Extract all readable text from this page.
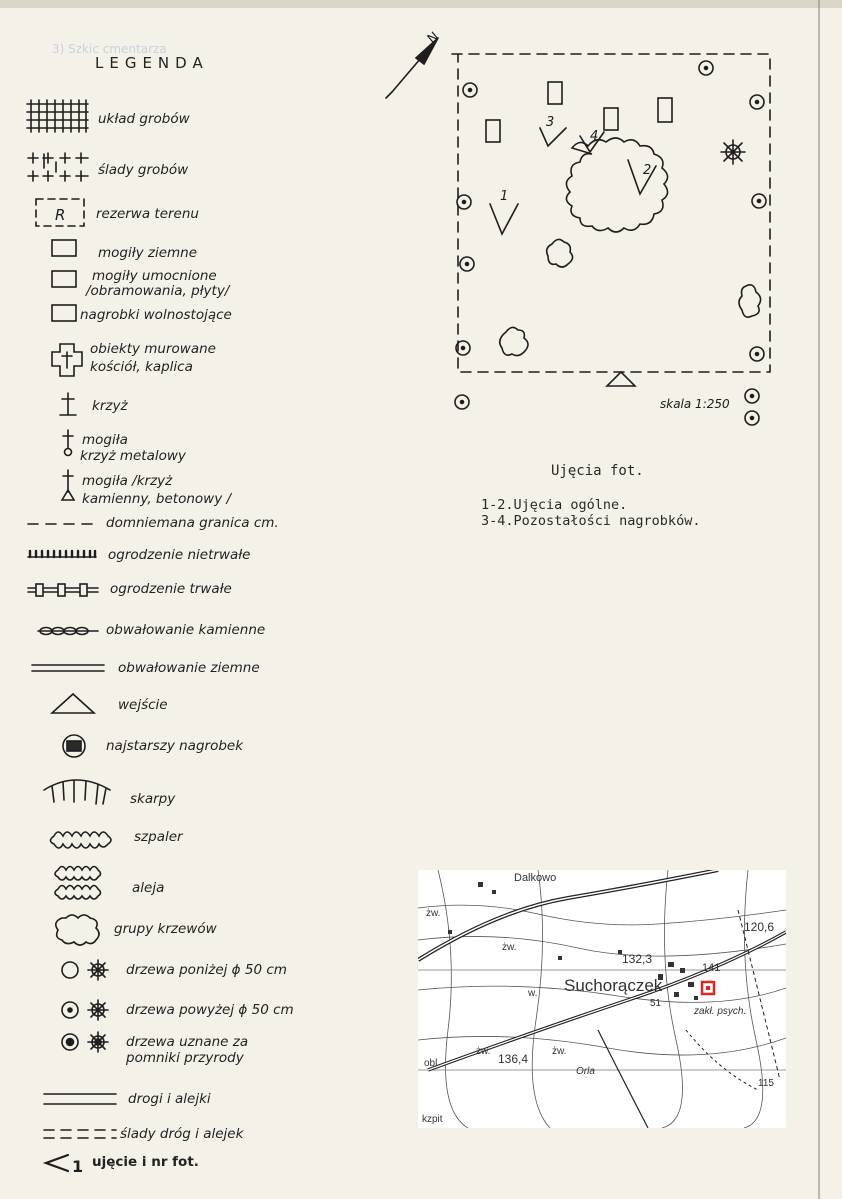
3) Szkic cmentarza
LEGENDA
R
1
układ grobów
ślady grobów
rezerwa terenu
mogiły ziemne
mogiły umocnione
/obramowania, płyty/
nagrobki wolnostojące
obiekty murowane
kościół, kaplica
krzyż
mogiła
krzyż metalowy
mogiła /krzyż
kamienny, betonowy /
domniemana granica cm.
ogrodzenie nietrwałe
ogrodzenie trwałe
obwałowanie kamienne
obwałowanie ziemne
wejście
najstarszy nagrobek
skarpy
szpaler
aleja
grupy krzewów
drzewa poniżej ϕ 50 cm
drzewa powyżej ϕ 50 cm
drzewa uznane za
pomniki przyrody
drogi i alejki
ślady dróg i alejek
ujęcie i nr fot.
N
1
2
3
4
skala 1:250
Ujęcia fot.
1-2.Ujęcia ogólne.
3-4.Pozostałości nagrobków.
Dalkowo
120,6
132,3
141
Suchorączek
51
zakł. psych.
136,4
Orla
żw.
żw.
żw.	żw.
w.
obl
kzpit
115
